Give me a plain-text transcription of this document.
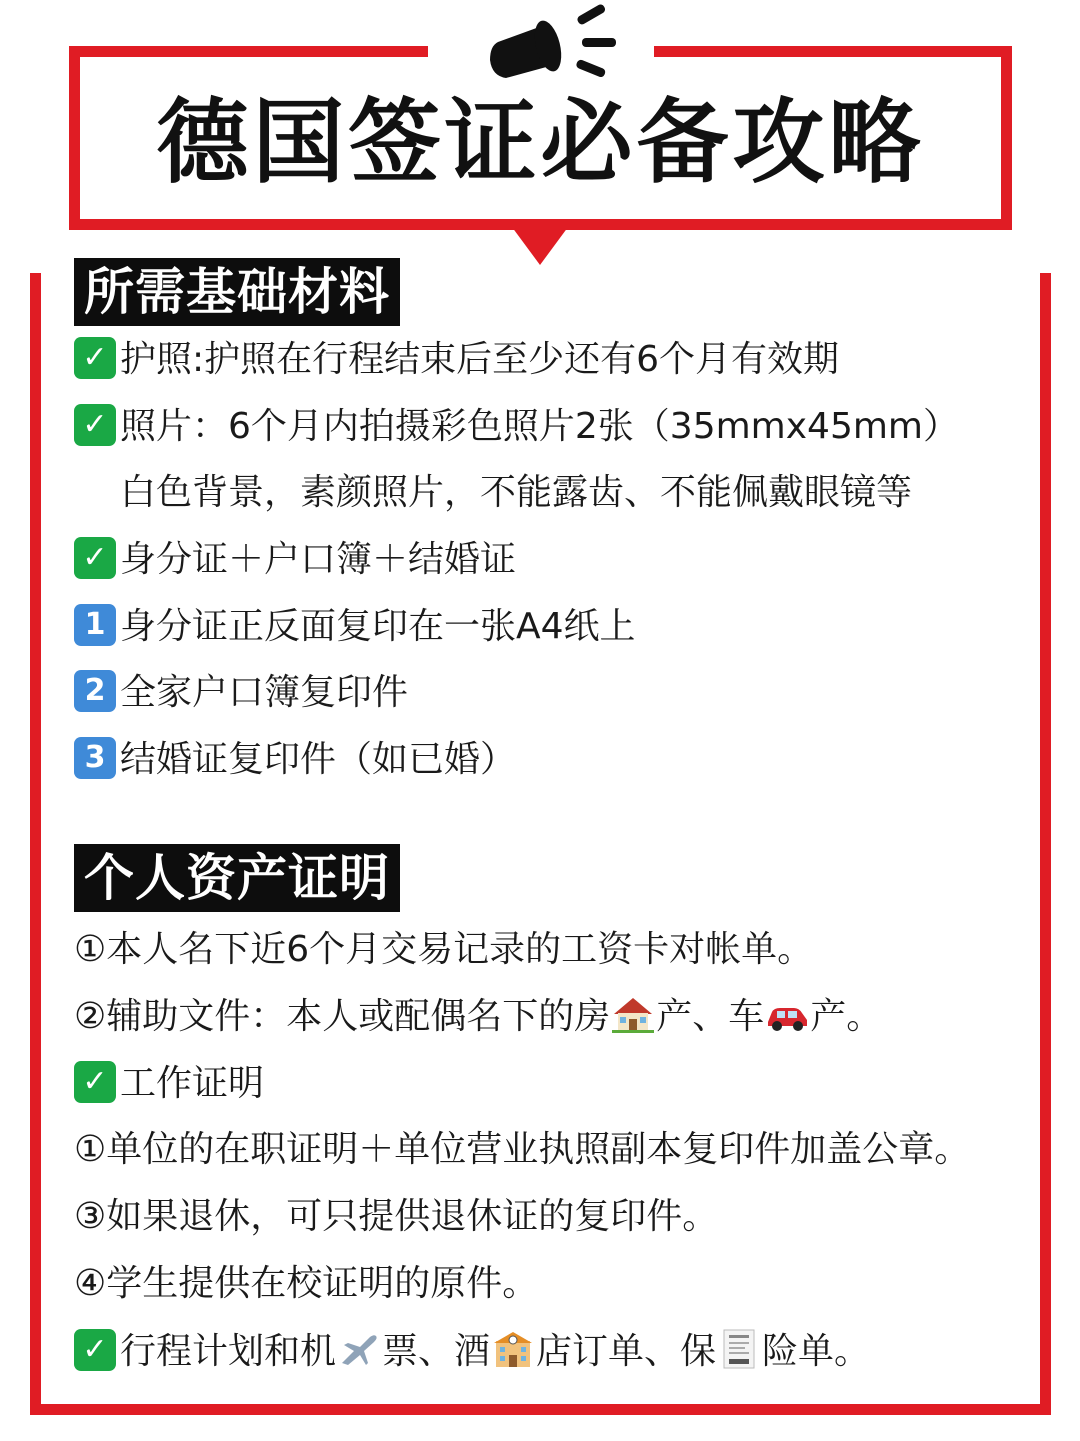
德国签证必备攻略
所需基础材料
✓ 护照:护照在行程结束后至少还有6个月有效期
✓ 照片：6个月内拍摄彩色照片2张（35mmx45mm）
白色背景，素颜照片，不能露齿、不能佩戴眼镜等
✓ 身分证＋户口簿＋结婚证
1 身分证正反面复印在一张A4纸上
2 全家户口簿复印件
3 结婚证复印件（如已婚）
个人资产证明
①本人名下近6个月交易记录的工资卡对帐单。
②辅助文件：本人或配偶名下的房 产、车 产。
✓ 工作证明
①单位的在职证明＋单位营业执照副本复印件加盖公章。
③如果退休，可只提供退休证的复印件。
④学生提供在校证明的原件。
✓ 行程计划和机 票、酒 店订单、保 险单。
